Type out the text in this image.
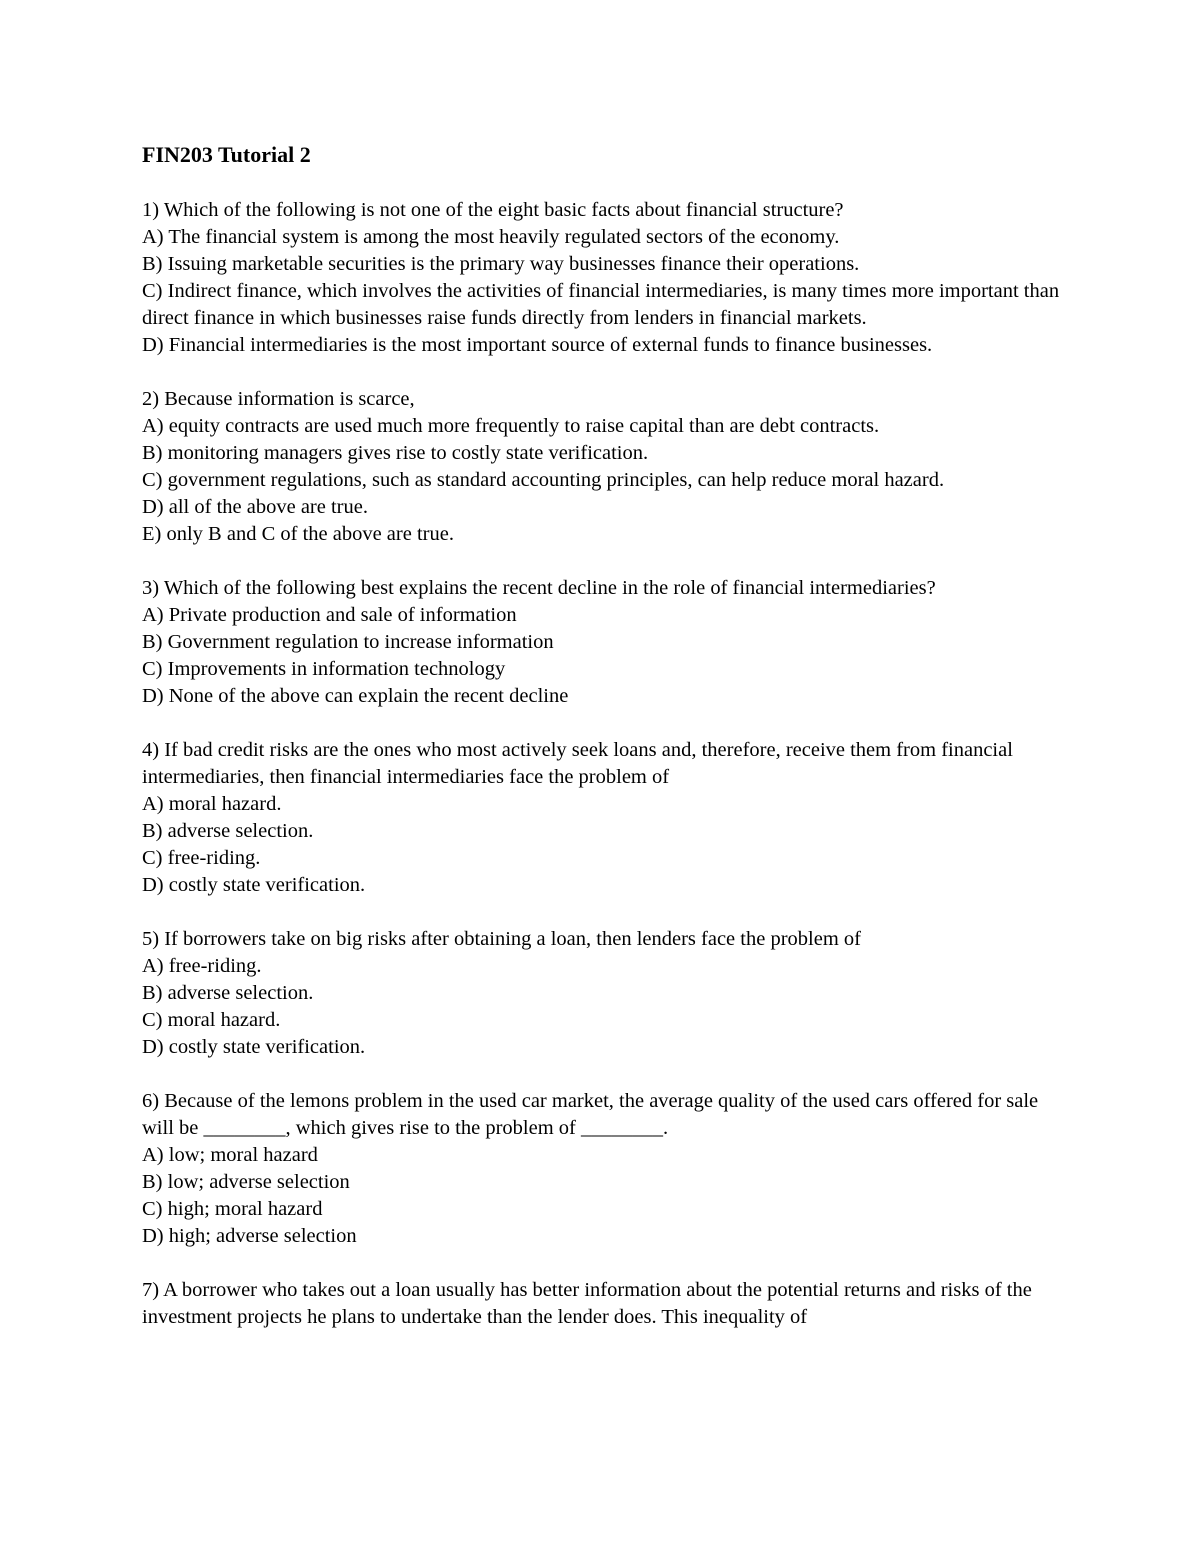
FIN203 Tutorial 2

1) Which of the following is not one of the eight basic facts about financial structure?

A) The financial system is among the most heavily regulated sectors of the economy.

B) Issuing marketable securities is the primary way businesses finance their operations.

C) Indirect finance, which involves the activities of financial intermediaries, is many times more important than direct finance in which businesses raise funds directly from lenders in financial markets.

D) Financial intermediaries is the most important source of external funds to finance businesses.

2) Because information is scarce,

A) equity contracts are used much more frequently to raise capital than are debt contracts.

B) monitoring managers gives rise to costly state verification.

C) government regulations, such as standard accounting principles, can help reduce moral hazard.

D) all of the above are true.

E) only B and C of the above are true.

3) Which of the following best explains the recent decline in the role of financial intermediaries?

A) Private production and sale of information

B) Government regulation to increase information

C) Improvements in information technology

D) None of the above can explain the recent decline

4) If bad credit risks are the ones who most actively seek loans and, therefore, receive them from financial intermediaries, then financial intermediaries face the problem of

A) moral hazard.

B) adverse selection.

C) free-riding.

D) costly state verification.

5) If borrowers take on big risks after obtaining a loan, then lenders face the problem of

A) free-riding.

B) adverse selection.

C) moral hazard.

D) costly state verification.

6) Because of the lemons problem in the used car market, the average quality of the used cars offered for sale will be ________, which gives rise to the problem of ________.

A) low; moral hazard

B) low; adverse selection

C) high; moral hazard

D) high; adverse selection

7) A borrower who takes out a loan usually has better information about the potential returns and risks of the investment projects he plans to undertake than the lender does. This inequality of
